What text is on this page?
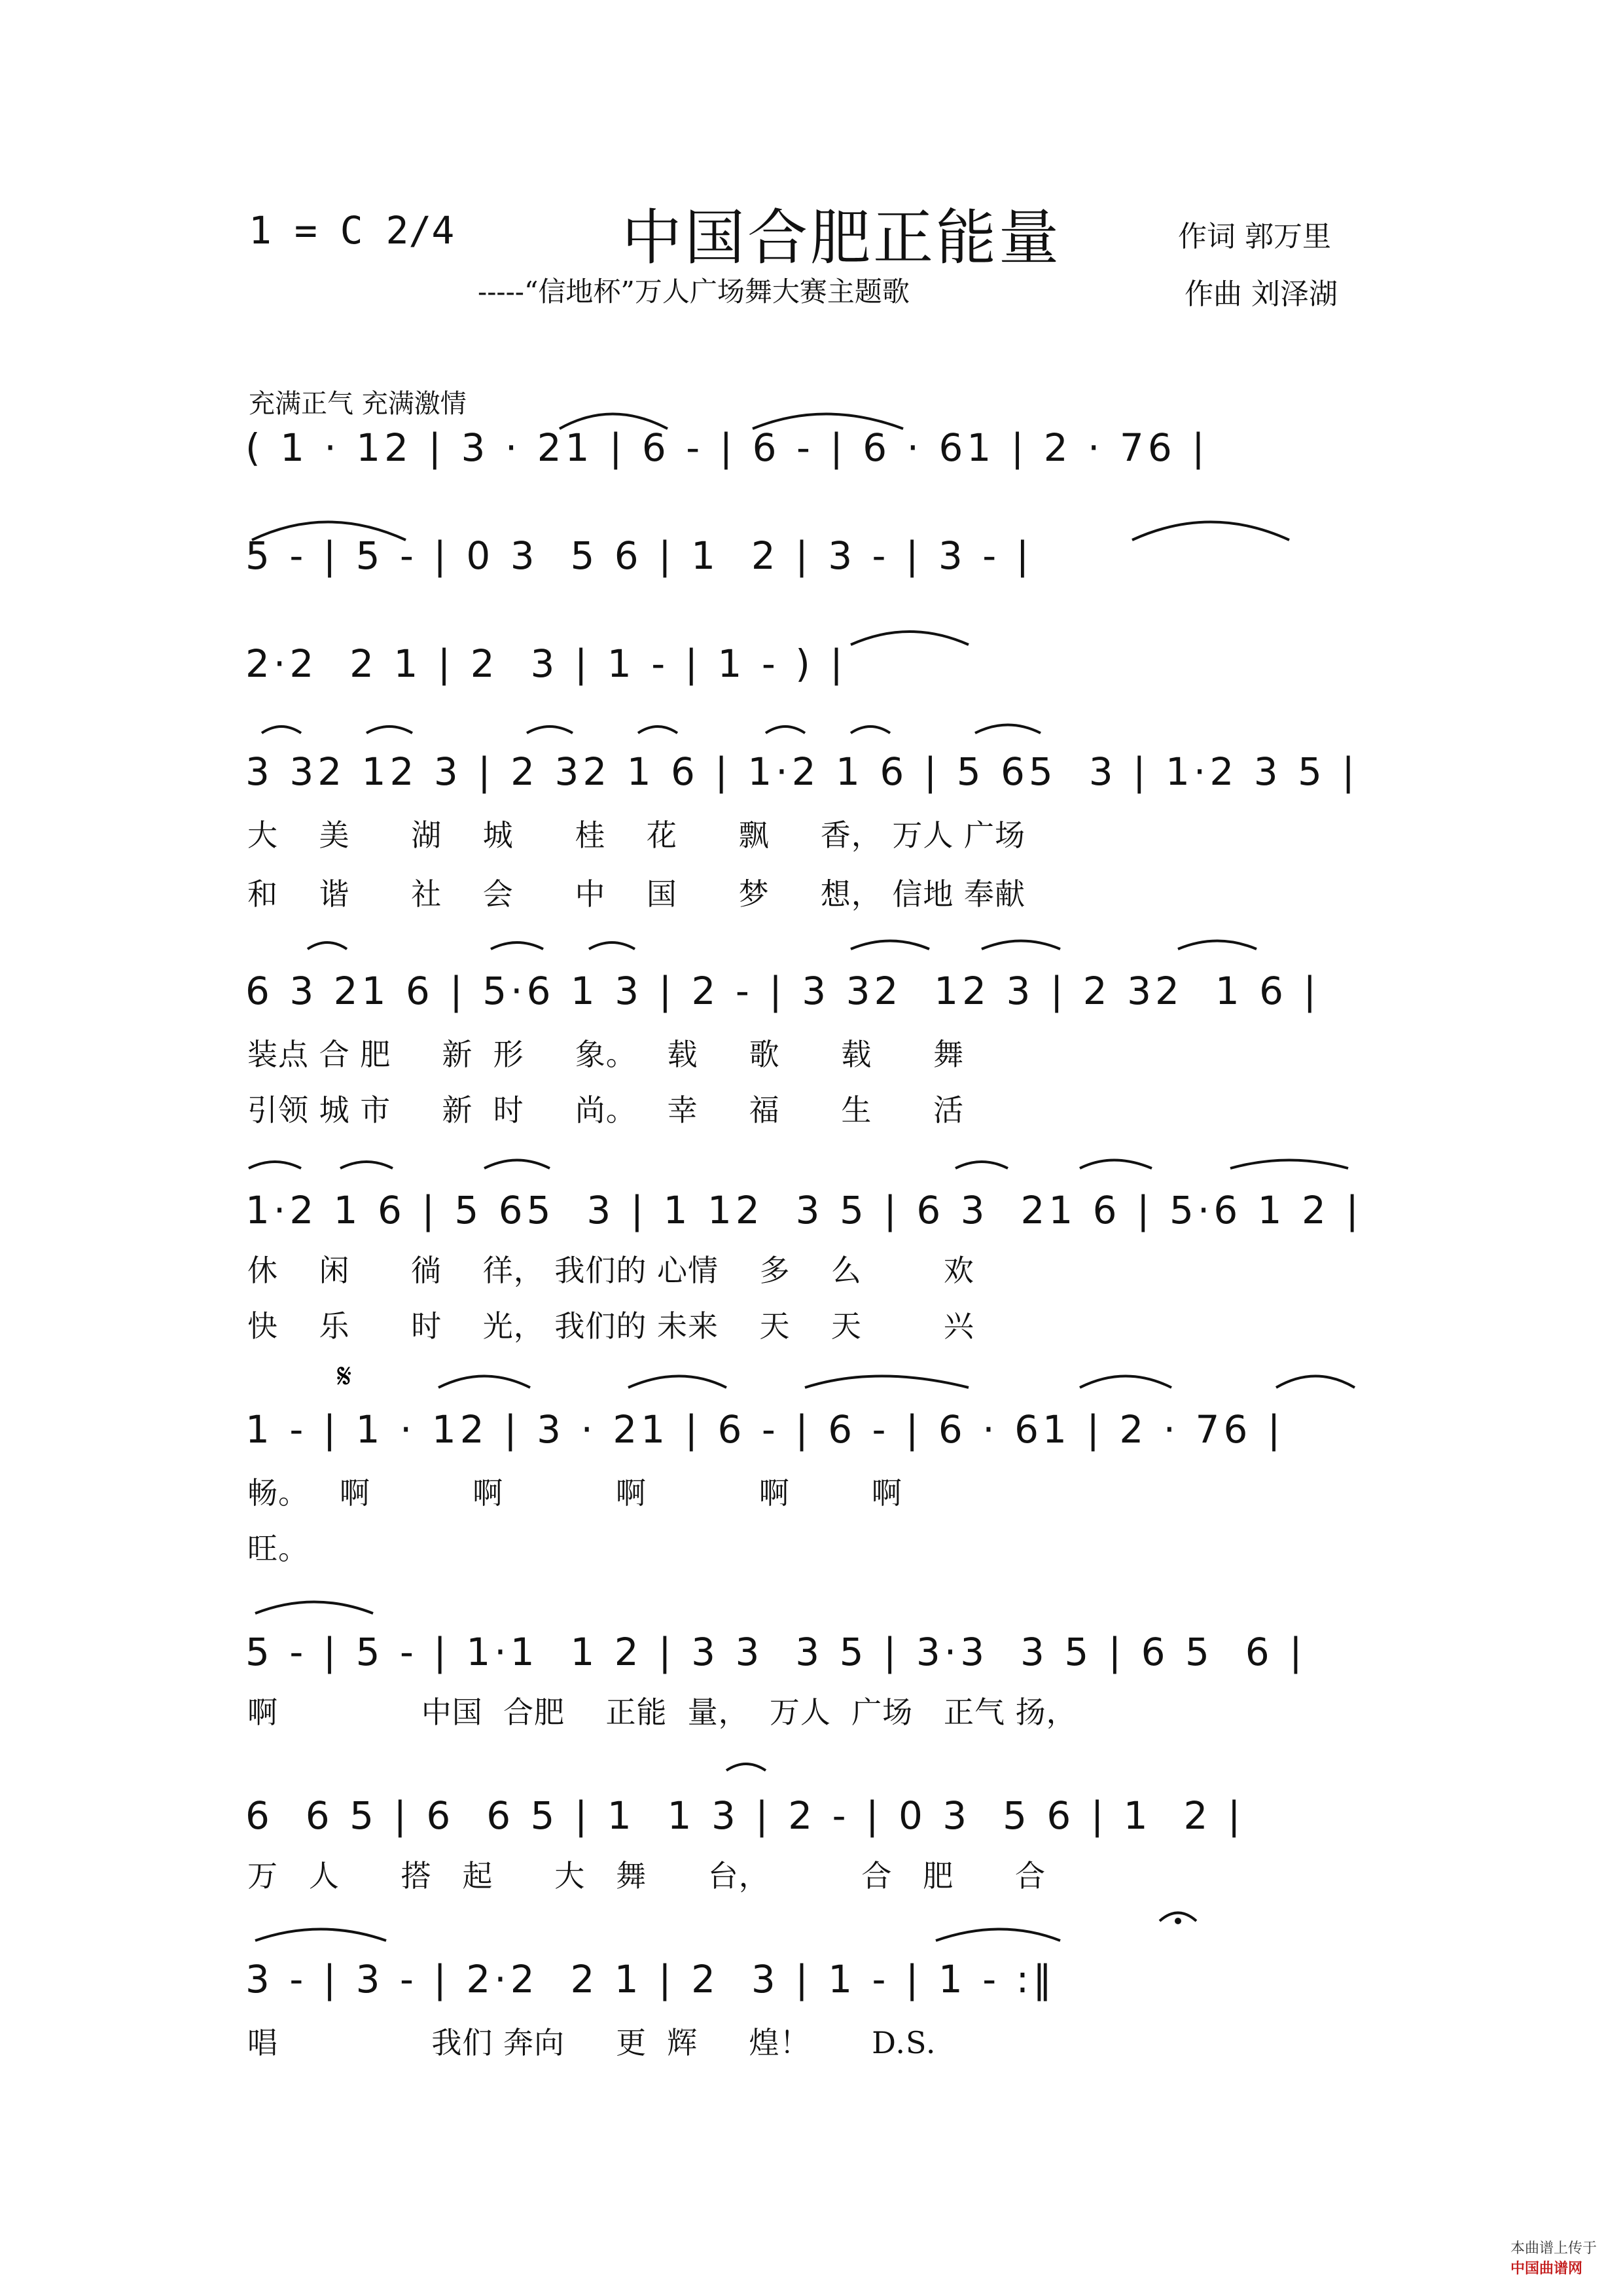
1 = C 2/4	中国合肥正能量	作词 郭万里
-----“信地杯”万人广场舞大赛主题歌	作曲 刘泽湖
充满正气 充满激情
( 1 · 12 | 3 · 21 | 6 - | 6 - | 6 · 61 | 2 · 76 |
5 - | 5 - | 0 3  5 6 | 1  2 | 3 - | 3 - |
2·2  2 1 | 2  3 | 1 - | 1 - ) |
3 32 12 3 | 2 32 1 6 | 1·2 1 6 | 5 65  3 | 1·2 3 5 |
大    美      湖    城      桂    花      飘     香， 万人 广场
和    谐      社    会      中    国      梦     想， 信地 奉献
6 3 21 6 | 5·6 1 3 | 2 - | 3 32  12 3 | 2 32  1 6 |
装点 合 肥     新  形     象。   载     歌      载      舞
引领 城 市     新  时     尚。   幸     福      生      活
1·2 1 6 | 5 65  3 | 1 12  3 5 | 6 3  21 6 | 5·6 1 2 |
休    闲      徜    徉， 我们的 心情    多    么        欢
快    乐      时    光， 我们的 未来    天    天        兴
1 - | 1 · 12 | 3 · 21 | 6 - | 6 - | 6 · 61 | 2 · 76 |
畅。   啊          啊           啊           啊        啊
旺。
5 - | 5 - | 1·1  1 2 | 3 3  3 5 | 3·3  3 5 | 6 5  6 |
啊              中国  合肥    正能  量，  万人  广场   正气 扬，
6  6 5 | 6  6 5 | 1  1 3 | 2 - | 0 3  5 6 | 1  2 |
万   人      搭   起      大   舞      台，         合   肥      合
3 - | 3 - | 2·2  2 1 | 2  3 | 1 - | 1 - :‖
唱               我们 奔向     更  辉     煌！      D.S.
𝄋

本曲谱上传于
中国曲谱网
